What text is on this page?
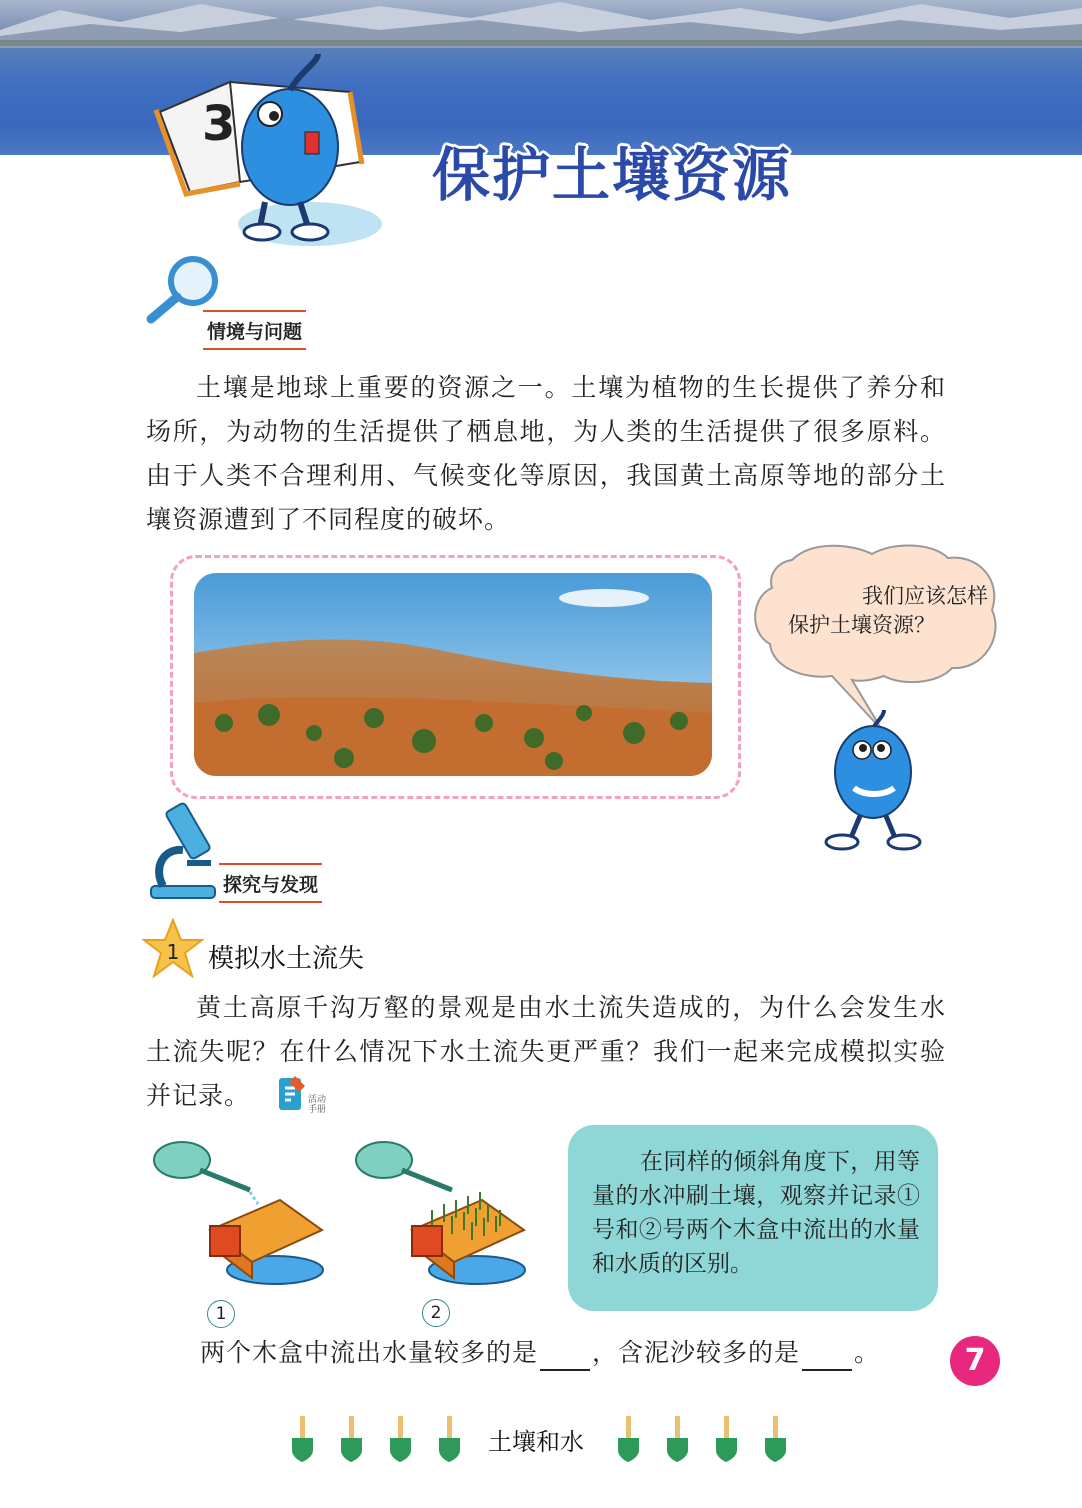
3
保护土壤资源
情境与问题

土壤是地球上重要的资源之一。土壤为植物的生长提供了养分和场所，为动物的生活提供了栖息地，为人类的生活提供了很多原料。由于人类不合理利用、气候变化等原因，我国黄土高原等地的部分土壤资源遭到了不同程度的破坏。

我们应该怎样
保护土壤资源？
探究与发现
1 模拟水土流失

黄土高原千沟万壑的景观是由水土流失造成的，为什么会发生水土流失呢？在什么情况下水土流失更严重？我们一起来完成模拟实验并记录。	活动
手册
1	2

在同样的倾斜角度下，用等量的水冲刷土壤，观察并记录①号和②号两个木盒中流出的水量和水质的区别。

两个木盒中流出水量较多的是 ，含泥沙较多的是 。	7
土壤和水
